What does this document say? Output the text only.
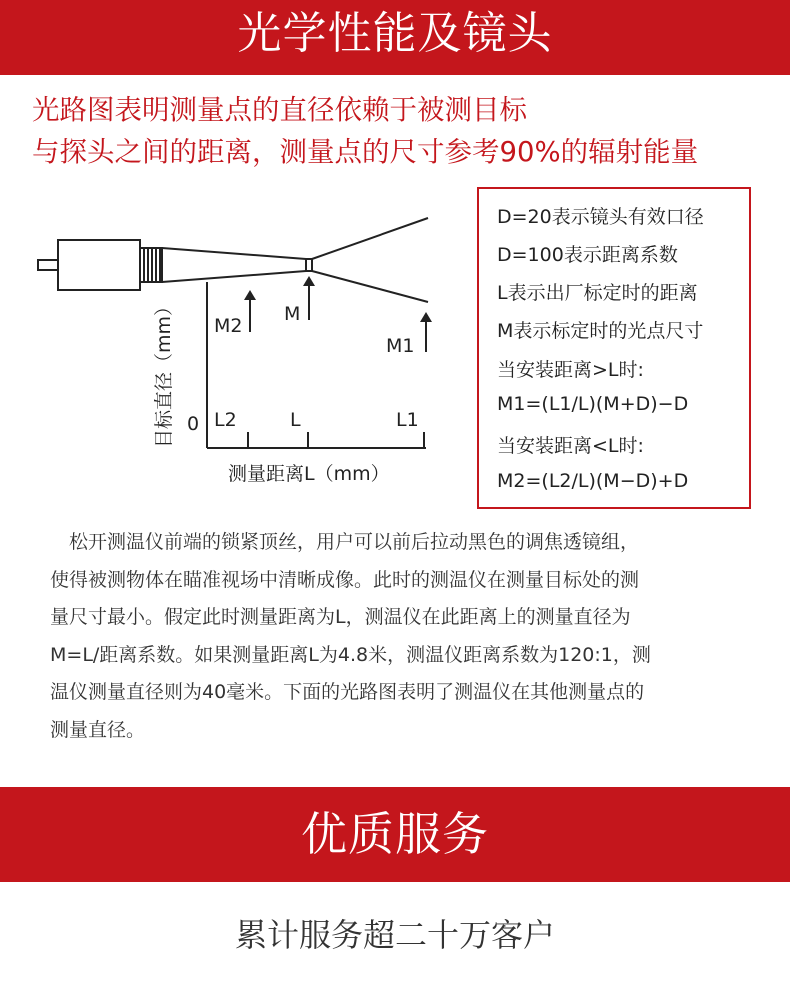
光学性能及镜头
光路图表明测量点的直径依赖于被测目标
与探头之间的距离，测量点的尺寸参考90%的辐射能量
M2
M
M1
0 L2	L	L1
测量距离L（mm）
目标直径（mm）
D=20表示镜头有效口径
D=100表示距离系数
L表示出厂标定时的距离
M表示标定时的光点尺寸
当安装距离>L时:
M1=(L1/L)(M+D)−D
当安装距离<L时:
M2=(L2/L)(M−D)+D
　松开测温仪前端的锁紧顶丝，用户可以前后拉动黑色的调焦透镜组，
使得被测物体在瞄准视场中清晰成像。此时的测温仪在测量目标处的测
量尺寸最小。假定此时测量距离为L，测温仪在此距离上的测量直径为
M=L/距离系数。如果测量距离L为4.8米，测温仪距离系数为120:1，测
温仪测量直径则为40毫米。下面的光路图表明了测温仪在其他测量点的
测量直径。
优质服务
累计服务超二十万客户
